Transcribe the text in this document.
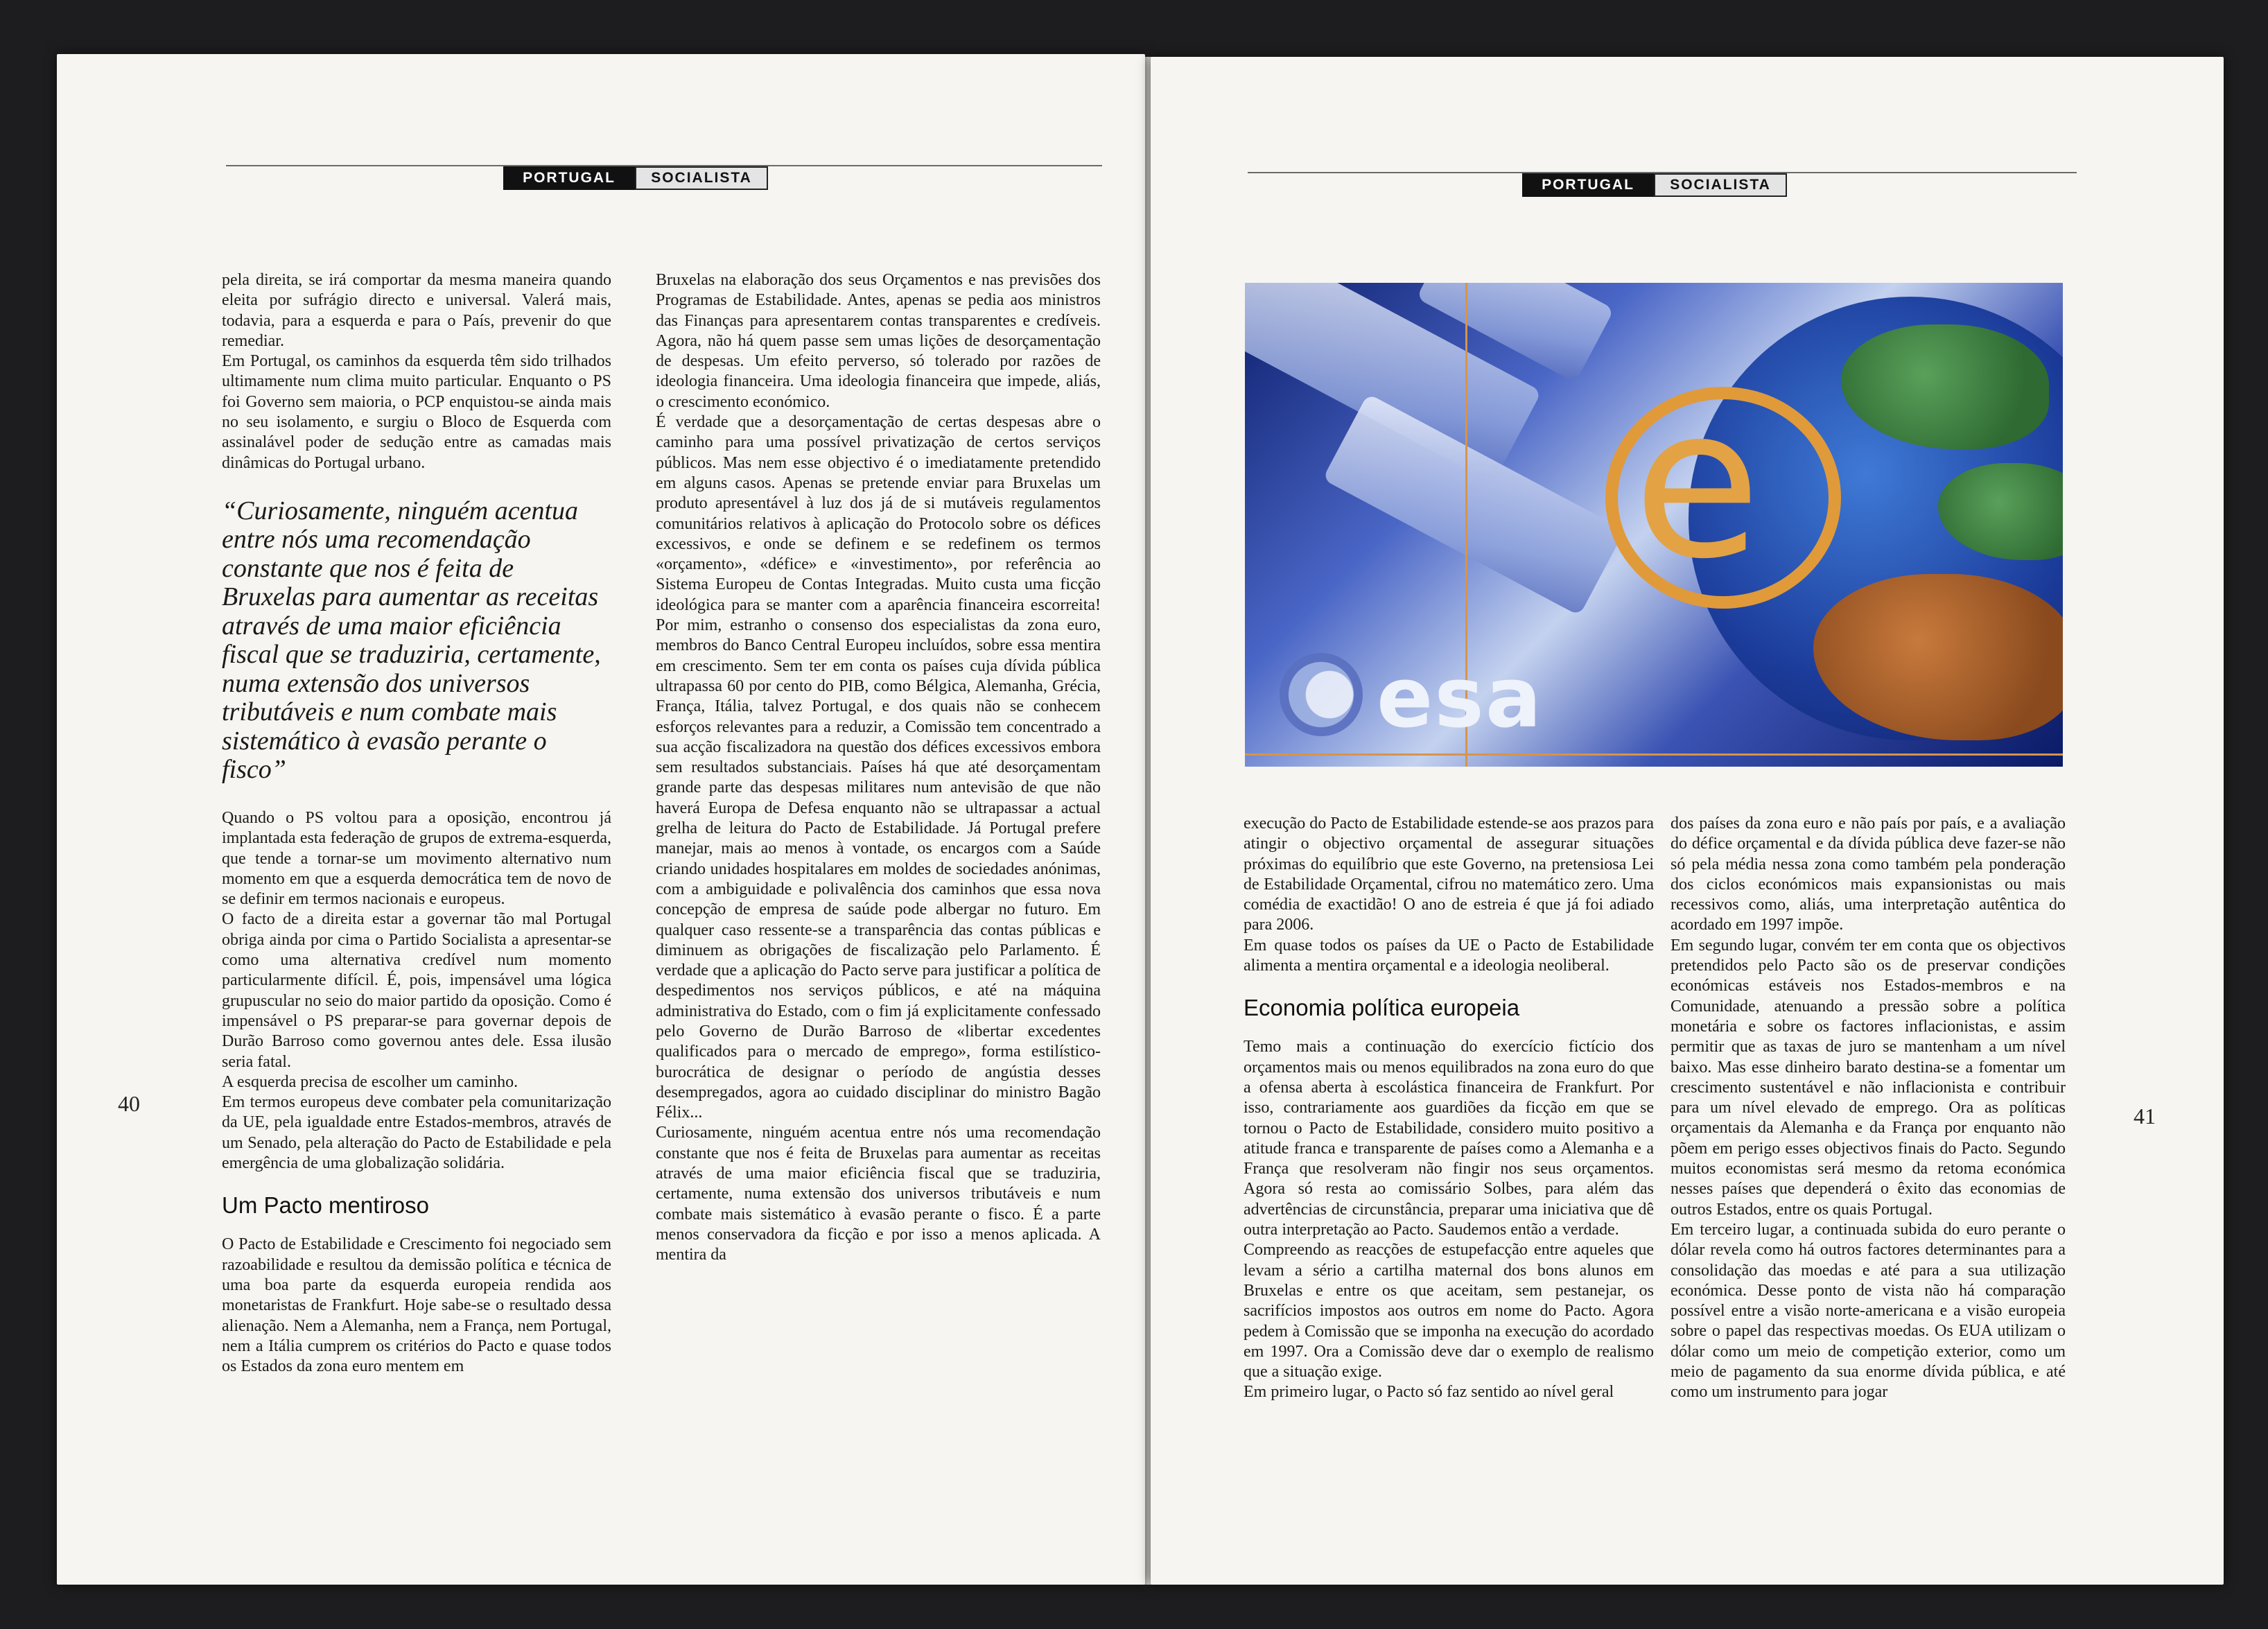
PORTUGAL	SOCIALISTA

pela direita, se irá comportar da mesma maneira quando eleita por sufrágio directo e universal. Valerá mais, todavia, para a esquerda e para o País, prevenir do que remediar.

Em Portugal, os caminhos da esquerda têm sido trilhados ultimamente num clima muito particular. Enquanto o PS foi Governo sem maioria, o PCP enquistou-se ainda mais no seu isolamento, e surgiu o Bloco de Esquerda com assinalável poder de sedução entre as camadas mais dinâmicas do Portugal urbano.

“Curiosamente, ninguém acentua entre nós uma recomendação constante que nos é feita de Bruxelas para aumentar as receitas através de uma maior eficiência fiscal que se traduziria, certamente, numa extensão dos universos tributáveis e num combate mais sistemático à evasão perante o fisco”

Quando o PS voltou para a oposição, encontrou já implantada esta federação de grupos de extrema-esquerda, que tende a tornar-se um movimento alternativo num momento em que a esquerda democrática tem de novo de se definir em termos nacionais e europeus.

O facto de a direita estar a governar tão mal Portugal obriga ainda por cima o Partido Socialista a apresentar-se como uma alternativa credível num momento particularmente difícil. É, pois, impensável uma lógica grupuscular no seio do maior partido da oposição. Como é impensável o PS preparar-se para governar depois de Durão Barroso como governou antes dele. Essa ilusão seria fatal.

A esquerda precisa de escolher um caminho.

Em termos europeus deve combater pela comunitarização da UE, pela igualdade entre Estados-membros, através de um Senado, pela alteração do Pacto de Estabilidade e pela emergência de uma globalização solidária.

Um Pacto mentiroso

O Pacto de Estabilidade e Crescimento foi negociado sem razoabilidade e resultou da demissão política e técnica de uma boa parte da esquerda europeia rendida aos monetaristas de Frankfurt. Hoje sabe-se o resultado dessa alienação. Nem a Alemanha, nem a França, nem Portugal, nem a Itália cumprem os critérios do Pacto e quase todos os Estados da zona euro mentem em

Bruxelas na elaboração dos seus Orçamentos e nas previsões dos Programas de Estabilidade. Antes, apenas se pedia aos ministros das Finanças para apresentarem contas transparentes e credíveis. Agora, não há quem passe sem umas lições de desorçamentação de despesas. Um efeito perverso, só tolerado por razões de ideologia financeira. Uma ideologia financeira que impede, aliás, o crescimento económico.

É verdade que a desorçamentação de certas despesas abre o caminho para uma possível privatização de certos serviços públicos. Mas nem esse objectivo é o imediatamente pretendido em alguns casos. Apenas se pretende enviar para Bruxelas um produto apresentável à luz dos já de si mutáveis regulamentos comunitários relativos à aplicação do Protocolo sobre os défices excessivos, e onde se definem e se redefinem os termos «orçamento», «défice» e «investimento», por referência ao Sistema Europeu de Contas Integradas. Muito custa uma ficção ideológica para se manter com a aparência financeira escorreita! Por mim, estranho o consenso dos especialistas da zona euro, membros do Banco Central Europeu incluídos, sobre essa mentira em crescimento. Sem ter em conta os países cuja dívida pública ultrapassa 60 por cento do PIB, como Bélgica, Alemanha, Grécia, França, Itália, talvez Portugal, e dos quais não se conhecem esforços relevantes para a reduzir, a Comissão tem concentrado a sua acção fiscalizadora na questão dos défices excessivos embora sem resultados substanciais. Países há que até desorçamentam grande parte das despesas militares num antevisão de que não haverá Europa de Defesa enquanto não se ultrapassar a actual grelha de leitura do Pacto de Estabilidade. Já Portugal prefere manejar, mais ao menos à vontade, os encargos com a Saúde criando unidades hospitalares em moldes de sociedades anónimas, com a ambiguidade e polivalência dos caminhos que essa nova concepção de empresa de saúde pode albergar no futuro. Em qualquer caso ressente-se a transparência das contas públicas e diminuem as obrigações de fiscalização pelo Parlamento. É verdade que a aplicação do Pacto serve para justificar a política de despedimentos nos serviços públicos, e até na máquina administrativa do Estado, com o fim já explicitamente confessado pelo Governo de Durão Barroso de «libertar excedentes qualificados para o mercado de emprego», forma estilístico-burocrática de designar o período de angústia desses desempregados, agora ao cuidado disciplinar do ministro Bagão Félix...

Curiosamente, ninguém acentua entre nós uma recomendação constante que nos é feita de Bruxelas para aumentar as receitas através de uma maior eficiência fiscal que se traduziria, certamente, numa extensão dos universos tributáveis e num combate mais sistemático à evasão perante o fisco. É a parte menos conservadora da ficção e por isso a menos aplicada. A mentira da

40
PORTUGAL	SOCIALISTA
e
esa

execução do Pacto de Estabilidade estende-se aos prazos para atingir o objectivo orçamental de assegurar situações próximas do equilíbrio que este Governo, na pretensiosa Lei de Estabilidade Orçamental, cifrou no matemático zero. Uma comédia de exactidão! O ano de estreia é que já foi adiado para 2006.

Em quase todos os países da UE o Pacto de Estabilidade alimenta a mentira orçamental e a ideologia neoliberal.

Economia política europeia

Temo mais a continuação do exercício fictício dos orçamentos mais ou menos equilibrados na zona euro do que a ofensa aberta à escolástica financeira de Frankfurt. Por isso, contrariamente aos guardiões da ficção em que se tornou o Pacto de Estabilidade, considero muito positivo a atitude franca e transparente de países como a Alemanha e a França que resolveram não fingir nos seus orçamentos. Agora só resta ao comissário Solbes, para além das advertências de circunstância, preparar uma iniciativa que dê outra interpretação ao Pacto. Saudemos então a verdade.

Compreendo as reacções de estupefacção entre aqueles que levam a sério a cartilha maternal dos bons alunos em Bruxelas e entre os que aceitam, sem pestanejar, os sacrifícios impostos aos outros em nome do Pacto. Agora pedem à Comissão que se imponha na execução do acordado em 1997. Ora a Comissão deve dar o exemplo de realismo que a situação exige.

Em primeiro lugar, o Pacto só faz sentido ao nível geral

dos países da zona euro e não país por país, e a avaliação do défice orçamental e da dívida pública deve fazer-se não só pela média nessa zona como também pela ponderação dos ciclos económicos mais expansionistas ou mais recessivos como, aliás, uma interpretação autêntica do acordado em 1997 impõe.

Em segundo lugar, convém ter em conta que os objectivos pretendidos pelo Pacto são os de preservar condições económicas estáveis nos Estados-membros e na Comunidade, atenuando a pressão sobre a política monetária e sobre os factores inflacionistas, e assim permitir que as taxas de juro se mantenham a um nível baixo. Mas esse dinheiro barato destina-se a fomentar um crescimento sustentável e não inflacionista e contribuir para um nível elevado de emprego. Ora as políticas orçamentais da Alemanha e da França por enquanto não põem em perigo esses objectivos finais do Pacto. Segundo muitos economistas será mesmo da retoma económica nesses países que dependerá o êxito das economias de outros Estados, entre os quais Portugal.

Em terceiro lugar, a continuada subida do euro perante o dólar revela como há outros factores determinantes para a consolidação das moedas e até para a sua utilização económica. Desse ponto de vista não há comparação possível entre a visão norte-americana e a visão europeia sobre o papel das respectivas moedas. Os EUA utilizam o dólar como um meio de competição exterior, como um meio de pagamento da sua enorme dívida pública, e até como um instrumento para jogar

41
